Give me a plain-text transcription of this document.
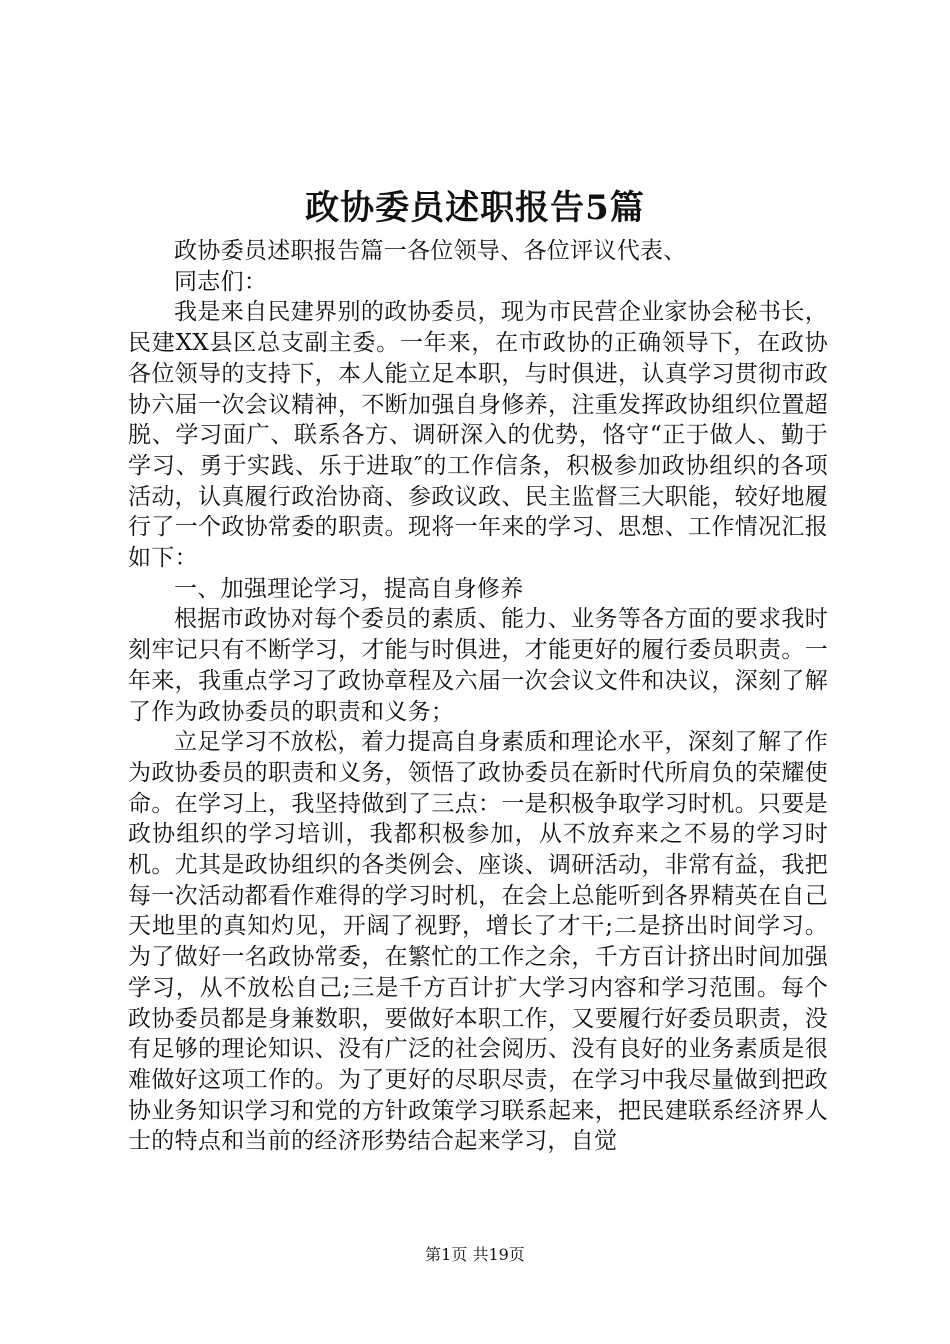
政协委员述职报告5篇

政协委员述职报告篇一各位领导、各位评议代表、

同志们：

我是来自民建界别的政协委员，现为市民营企业家协会秘书长，民建XX县区总支副主委。一年来，在市政协的正确领导下，在政协各位领导的支持下，本人能立足本职，与时俱进，认真学习贯彻市政协六届一次会议精神，不断加强自身修养，注重发挥政协组织位置超脱、学习面广、联系各方、调研深入的优势，恪守“正于做人、勤于学习、勇于实践、乐于进取″的工作信条，积极参加政协组织的各项活动，认真履行政治协商、参政议政、民主监督三大职能，较好地履行了一个政协常委的职责。现将一年来的学习、思想、工作情况汇报如下：

一、加强理论学习，提高自身修养

根据市政协对每个委员的素质、能力、业务等各方面的要求我时刻牢记只有不断学习，才能与时俱进，才能更好的履行委员职责。一年来，我重点学习了政协章程及六届一次会议文件和决议，深刻了解了作为政协委员的职责和义务；

立足学习不放松，着力提高自身素质和理论水平，深刻了解了作为政协委员的职责和义务，领悟了政协委员在新时代所肩负的荣耀使命。在学习上，我坚持做到了三点：一是积极争取学习时机。只要是政协组织的学习培训，我都积极参加，从不放弃来之不易的学习时机。尤其是政协组织的各类例会、座谈、调研活动，非常有益，我把每一次活动都看作难得的学习时机，在会上总能听到各界精英在自己天地里的真知灼见，开阔了视野，增长了才干;二是挤出时间学习。为了做好一名政协常委，在繁忙的工作之余，千方百计挤出时间加强学习，从不放松自己;三是千方百计扩大学习内容和学习范围。每个政协委员都是身兼数职，要做好本职工作，又要履行好委员职责，没有足够的理论知识、没有广泛的社会阅历、没有良好的业务素质是很难做好这项工作的。为了更好的尽职尽责，在学习中我尽量做到把政协业务知识学习和党的方针政策学习联系起来，把民建联系经济界人士的特点和当前的经济形势结合起来学习，自觉

第1页 共19页
